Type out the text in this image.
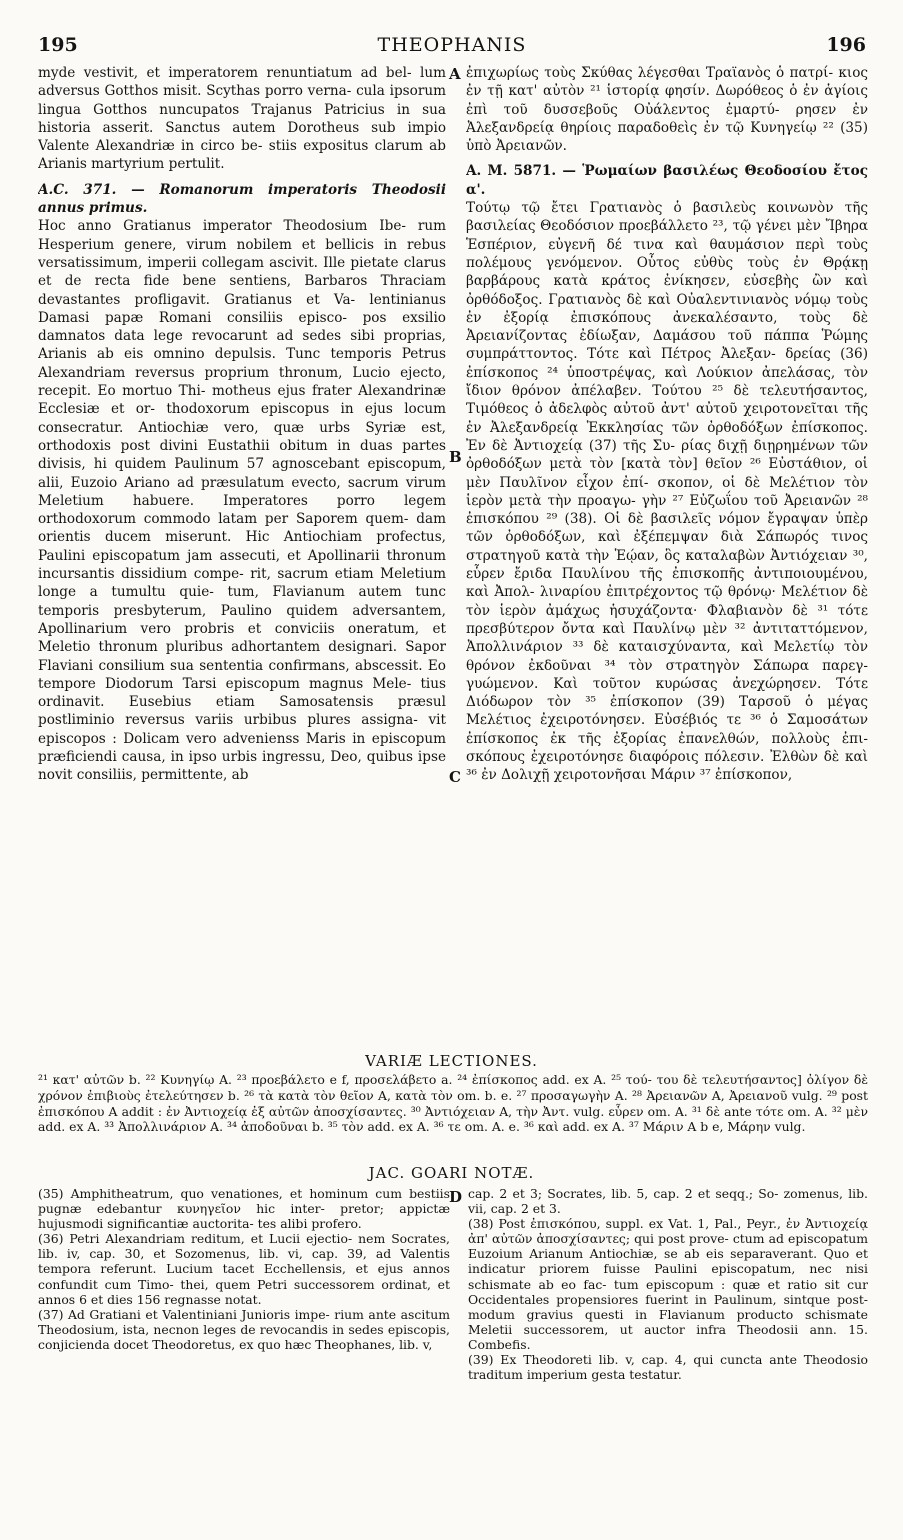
195	THEOPHANIS	196

myde vestivit, et imperatorem renuntiatum ad bel- lum adversus Gotthos misit. Scythas porro verna- cula ipsorum lingua Gotthos nuncupatos Trajanus Patricius in sua historia asserit. Sanctus autem Dorotheus sub impio Valente Alexandriæ in circo be- stiis expositus clarum ab Arianis martyrium pertulit.

A.C. 371. — Romanorum imperatoris Theodosii annus primus.

Hoc anno Gratianus imperator Theodosium Ibe- rum Hesperium genere, virum nobilem et bellicis in rebus versatissimum, imperii collegam ascivit. Ille pietate clarus et de recta fide bene sentiens, Barbaros Thraciam devastantes profligavit. Gratianus et Va- lentinianus Damasi papæ Romani consiliis episco- pos exsilio damnatos data lege revocarunt ad sedes sibi proprias, Arianis ab eis omnino depulsis. Tunc temporis Petrus Alexandriam reversus proprium thronum, Lucio ejecto, recepit. Eo mortuo Thi- motheus ejus frater Alexandrinæ Ecclesiæ et or- thodoxorum episcopus in ejus locum consecratur. Antiochiæ vero, quæ urbs Syriæ est, orthodoxis post divini Eustathii obitum in duas partes divisis, hi quidem Paulinum 57 agnoscebant episcopum, alii, Euzoio Ariano ad præsulatum evecto, sacrum virum Meletium habuere. Imperatores porro legem orthodoxorum commodo latam per Saporem quem- dam orientis ducem miserunt. Hic Antiochiam profectus, Paulini episcopatum jam assecuti, et Apollinarii thronum incursantis dissidium compe- rit, sacrum etiam Meletium longe a tumultu quie- tum, Flavianum autem tunc temporis presbyterum, Paulino quidem adversantem, Apollinarium vero probris et conviciis oneratum, et Meletio thronum pluribus adhortantem designari. Sapor Flaviani consilium sua sententia confirmans, abscessit. Eo tempore Diodorum Tarsi episcopum magnus Mele- tius ordinavit. Eusebius etiam Samosatensis præsul postliminio reversus variis urbibus plures assigna- vit episcopos : Dolicam vero advenienss Maris in episcopum præficiendi causa, in ipso urbis ingressu, Deo, quibus ipse novit consiliis, permittente, ab

A
B
C
D

ἐπιχωρίως τοὺς Σκύθας λέγεσθαι Τραϊανὸς ὁ πατρί- κιος ἐν τῇ κατ' αὐτὸν ²¹ ἱστορίᾳ φησίν. Δωρόθεος ὁ ἐν ἁγίοις ἐπὶ τοῦ δυσσεβοῦς Οὐάλεντος ἐμαρτύ- ρησεν ἐν Ἀλεξανδρείᾳ θηρίοις παραδοθεὶς ἐν τῷ Κυνηγείῳ ²² (35) ὑπὸ Ἀρειανῶν.

Α. Μ. 5871. — Ῥωμαίων βασιλέως Θεοδοσίου ἔτος α'.

Τούτῳ τῷ ἔτει Γρατιανὸς ὁ βασιλεὺς κοινωνὸν τῆς βασιλείας Θεοδόσιον προεβάλλετο ²³, τῷ γένει μὲν Ἴβηρα Ἑσπέριον, εὐγενῆ δέ τινα καὶ θαυμάσιον περὶ τοὺς πολέμους γενόμενον. Οὗτος εὐθὺς τοὺς ἐν Θρᾴκῃ βαρβάρους κατὰ κράτος ἐνίκησεν, εὐσεβὴς ὢν καὶ ὀρθόδοξος. Γρατιανὸς δὲ καὶ Οὐαλεντινιανὸς νόμῳ τοὺς ἐν ἐξορίᾳ ἐπισκόπους ἀνεκαλέσαντο, τοὺς δὲ Ἀρειανίζοντας ἐδίωξαν, Δαμάσου τοῦ πάππα Ῥώμης συμπράττοντος. Τότε καὶ Πέτρος Ἀλεξαν- δρείας (36) ἐπίσκοπος ²⁴ ὑποστρέψας, καὶ Λούκιον ἀπελάσας, τὸν ἴδιον θρόνον ἀπέλαβεν. Τούτου ²⁵ δὲ τελευτήσαντος, Τιμόθεος ὁ ἀδελφὸς αὐτοῦ ἀντ' αὐτοῦ χειροτονεῖται τῆς ἐν Ἀλεξανδρείᾳ Ἐκκλησίας τῶν ὀρθοδόξων ἐπίσκοπος. Ἐν δὲ Ἀντιοχείᾳ (37) τῆς Συ- ρίας διχῇ διῃρημένων τῶν ὀρθοδόξων μετὰ τὸν [κατὰ τὸν] θεῖον ²⁶ Εὐστάθιον, οἱ μὲν Παυλῖνον εἶχον ἐπί- σκοπον, οἱ δὲ Μελέτιον τὸν ἱερὸν μετὰ τὴν προαγω- γὴν ²⁷ Εὐζωΐου τοῦ Ἀρειανῶν ²⁸ ἐπισκόπου ²⁹ (38). Οἱ δὲ βασιλεῖς νόμον ἔγραψαν ὑπὲρ τῶν ὀρθοδόξων, καὶ ἐξέπεμψαν διὰ Σάπωρός τινος στρατηγοῦ κατὰ τὴν Ἑῴαν, ὃς καταλαβὼν Ἀντιόχειαν ³⁰, εὗρεν ἔριδα Παυλίνου τῆς ἐπισκοπῆς ἀντιποιουμένου, καὶ Ἀπολ- λιναρίου ἐπιτρέχοντος τῷ θρόνῳ· Μελέτιον δὲ τὸν ἱερὸν ἀμάχως ἡσυχάζοντα· Φλαβιανὸν δὲ ³¹ τότε πρεσβύτερον ὄντα καὶ Παυλίνῳ μὲν ³² ἀντιταττόμενον, Ἀπολλινάριον ³³ δὲ καταισχύναντα, καὶ Μελετίῳ τὸν θρόνον ἐκδοῦναι ³⁴ τὸν στρατηγὸν Σάπωρα παρεγ- γυώμενον. Καὶ τοῦτον κυρώσας ἀνεχώρησεν. Τότε Διόδωρον τὸν ³⁵ ἐπίσκοπον (39) Ταρσοῦ ὁ μέγας Μελέτιος ἐχειροτόνησεν. Εὐσέβιός τε ³⁶ ὁ Σαμοσάτων ἐπίσκοπος ἐκ τῆς ἐξορίας ἐπανελθών, πολλοὺς ἐπι- σκόπους ἐχειροτόνησε διαφόροις πόλεσιν. Ἐλθὼν δὲ καὶ ³⁶ ἐν Δολιχῇ χειροτονῆσαι Μάριν ³⁷ ἐπίσκοπον,

VARIÆ LECTIONES.

²¹ κατ' αὐτῶν b. ²² Κυνηγίῳ A. ²³ προεβάλετο e f, προσελάβετο a. ²⁴ ἐπίσκοπος add. ex A. ²⁵ τού- του δὲ τελευτήσαντος] ὀλίγον δὲ χρόνον ἐπιβιοὺς ἐτελεύτησεν b. ²⁶ τὰ κατὰ τὸν θεῖον A, κατὰ τὸν om. b. e. ²⁷ προσαγωγὴν A. ²⁸ Ἀρειανῶν A, Ἀρειανοῦ vulg. ²⁹ post ἐπισκόπου A addit : ἐν Ἀντιοχείᾳ ἐξ αὐτῶν ἀποσχίσαντες. ³⁰ Ἀντιόχειαν A, τὴν Ἀντ. vulg. εὗρεν om. A. ³¹ δὲ ante τότε om. A. ³² μὲν add. ex A. ³³ Ἀπολλινάριον A. ³⁴ ἀποδοῦναι b. ³⁵ τὸν add. ex A. ³⁶ τε om. A. e. ³⁶ καὶ add. ex A. ³⁷ Μάριν A b e, Μάρην vulg.

JAC. GOARI NOTÆ.

(35) Amphitheatrum, quo venationes, et hominum cum bestiis pugnæ edebantur κυνηγεῖον hic inter- pretor; appictæ hujusmodi significantiæ auctorita- tes alibi profero.

(36) Petri Alexandriam reditum, et Lucii ejectio- nem Socrates, lib. iv, cap. 30, et Sozomenus, lib. vi, cap. 39, ad Valentis tempora referunt. Lucium tacet Ecchellensis, et ejus annos confundit cum Timo- thei, quem Petri successorem ordinat, et annos 6 et dies 156 regnasse notat.

(37) Ad Gratiani et Valentiniani Junioris impe- rium ante ascitum Theodosium, ista, necnon leges de revocandis in sedes episcopis, conjicienda docet Theodoretus, ex quo hæc Theophanes, lib. v,

cap. 2 et 3; Socrates, lib. 5, cap. 2 et seqq.; So- zomenus, lib. vii, cap. 2 et 3.

(38) Post ἐπισκόπου, suppl. ex Vat. 1, Pal., Peyr., ἐν Ἀντιοχείᾳ ἀπ' αὐτῶν ἀποσχίσαντες; qui post prove- ctum ad episcopatum Euzoium Arianum Antiochiæ, se ab eis separaverant. Quo et indicatur priorem fuisse Paulini episcopatum, nec nisi schismate ab eo fac- tum episcopum : quæ et ratio sit cur Occidentales propensiores fuerint in Paulinum, sintque post- modum gravius questi in Flavianum producto schismate Meletii successorem, ut auctor infra Theodosii ann. 15. Combefis.

(39) Ex Theodoreti lib. v, cap. 4, qui cuncta ante Theodosio traditum imperium gesta testatur.
